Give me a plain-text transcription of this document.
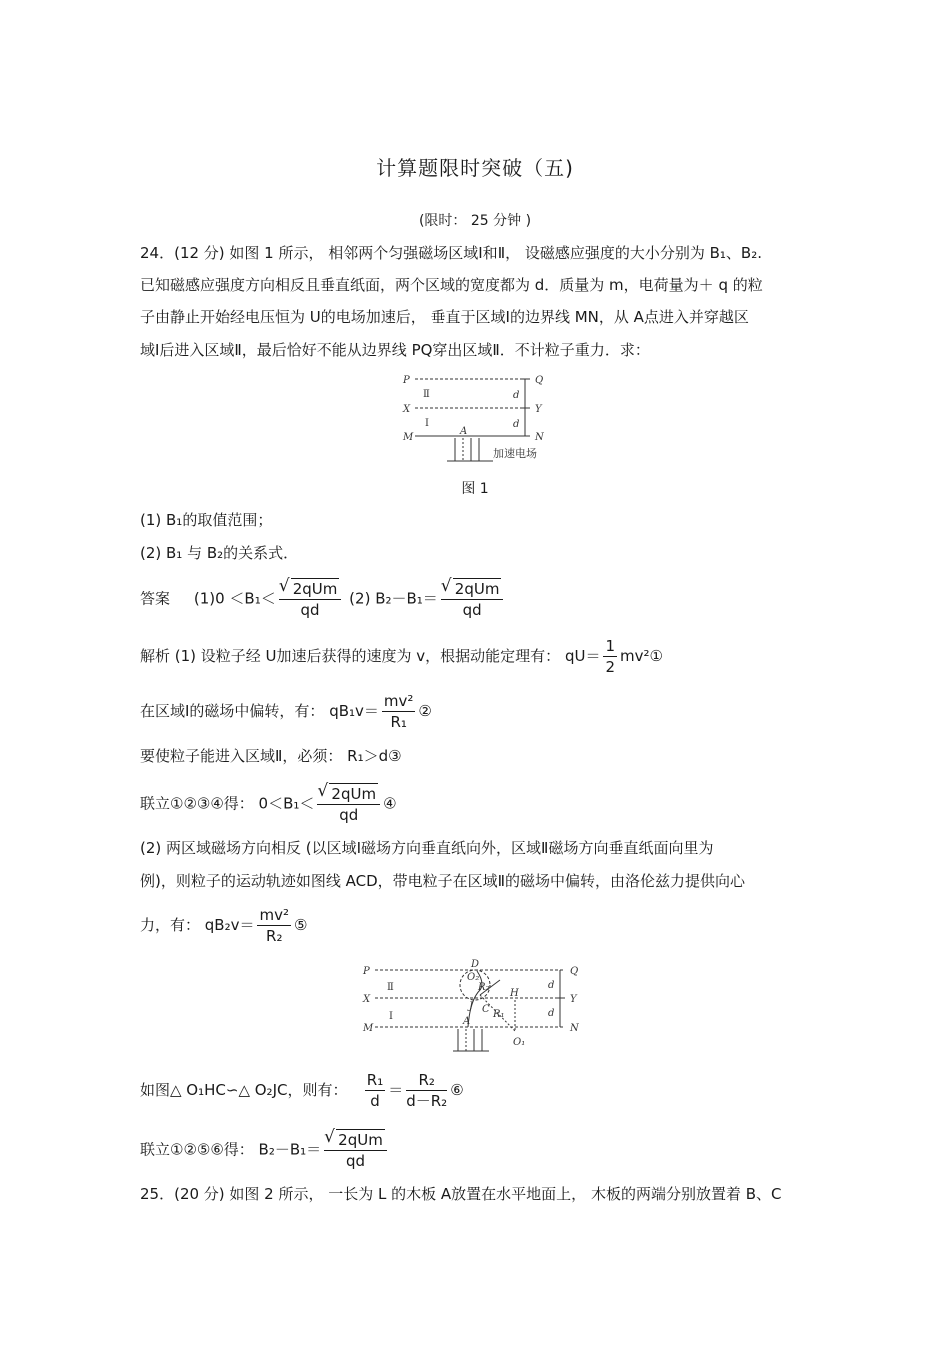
计算题限时突破（五)
(限时： 25 分钟 )
24．(12 分) 如图 1 所示， 相邻两个匀强磁场区域Ⅰ和Ⅱ， 设磁感应强度的大小分别为 B₁、B₂.
已知磁感应强度方向相反且垂直纸面，两个区域的宽度都为 d．质量为 m，电荷量为＋ q 的粒
子由静止开始经电压恒为 U的电场加速后， 垂直于区域Ⅰ的边界线 MN，从 A点进入并穿越区
域Ⅰ后进入区域Ⅱ，最后恰好不能从边界线 PQ穿出区域Ⅱ．不计粒子重力．求：
P	Q
X	Y
M	N
A
d
d
Ⅱ
Ⅰ
加速电场
图 1
(1) B₁的取值范围；
(2) B₁ 与 B₂的关系式．
答案 (1)0 ＜B₁＜ √ $\frac{\text{2qUm}}{qd} (2)$ B₂－B₁＝ √ $\frac{\text{2qUm}}{qd}$
解析 (1) 设粒子经 U加速后获得的速度为 v，根据动能定理有： $qU= \frac{1}{2}$ mv²①
在区域Ⅰ的磁场中偏转，有： $qB_1v= \frac{\text{mv²}}{\text{R₁}}$ ②
要使粒子能进入区域Ⅱ，必须： R₁＞d③
联立①②③④得： 0＜B₁＜ √ $\frac{\text{2qUm}}{qd}$ ④
(2) 两区域磁场方向相反 (以区域Ⅰ磁场方向垂直纸向外，区域Ⅱ磁场方向垂直纸面向里为
例)，则粒子的运动轨迹如图线 ACD，带电粒子在区域Ⅱ的磁场中偏转，由洛伦兹力提供向心
力，有： $qB_2v= \frac{\text{mv²}}{\text{R₂}}$ ⑤
P	Q
X	Y
M	N
A
C
D
J
H
O₁
O₂
R₁
R₂	d
d
Ⅱ
Ⅰ
如图△ O₁HC∽△ O₂JC，则有： $\frac{\text{R₁}}{d} = \frac{\text{R₂}}{\text{d－R₂}}$ ⑥
联立①②⑤⑥得： B₂－B₁＝ √ $\frac{\text{2qUm}}{qd}$
25．(20 分) 如图 2 所示， 一长为 L 的木板 A放置在水平地面上， 木板的两端分别放置着 B、C
